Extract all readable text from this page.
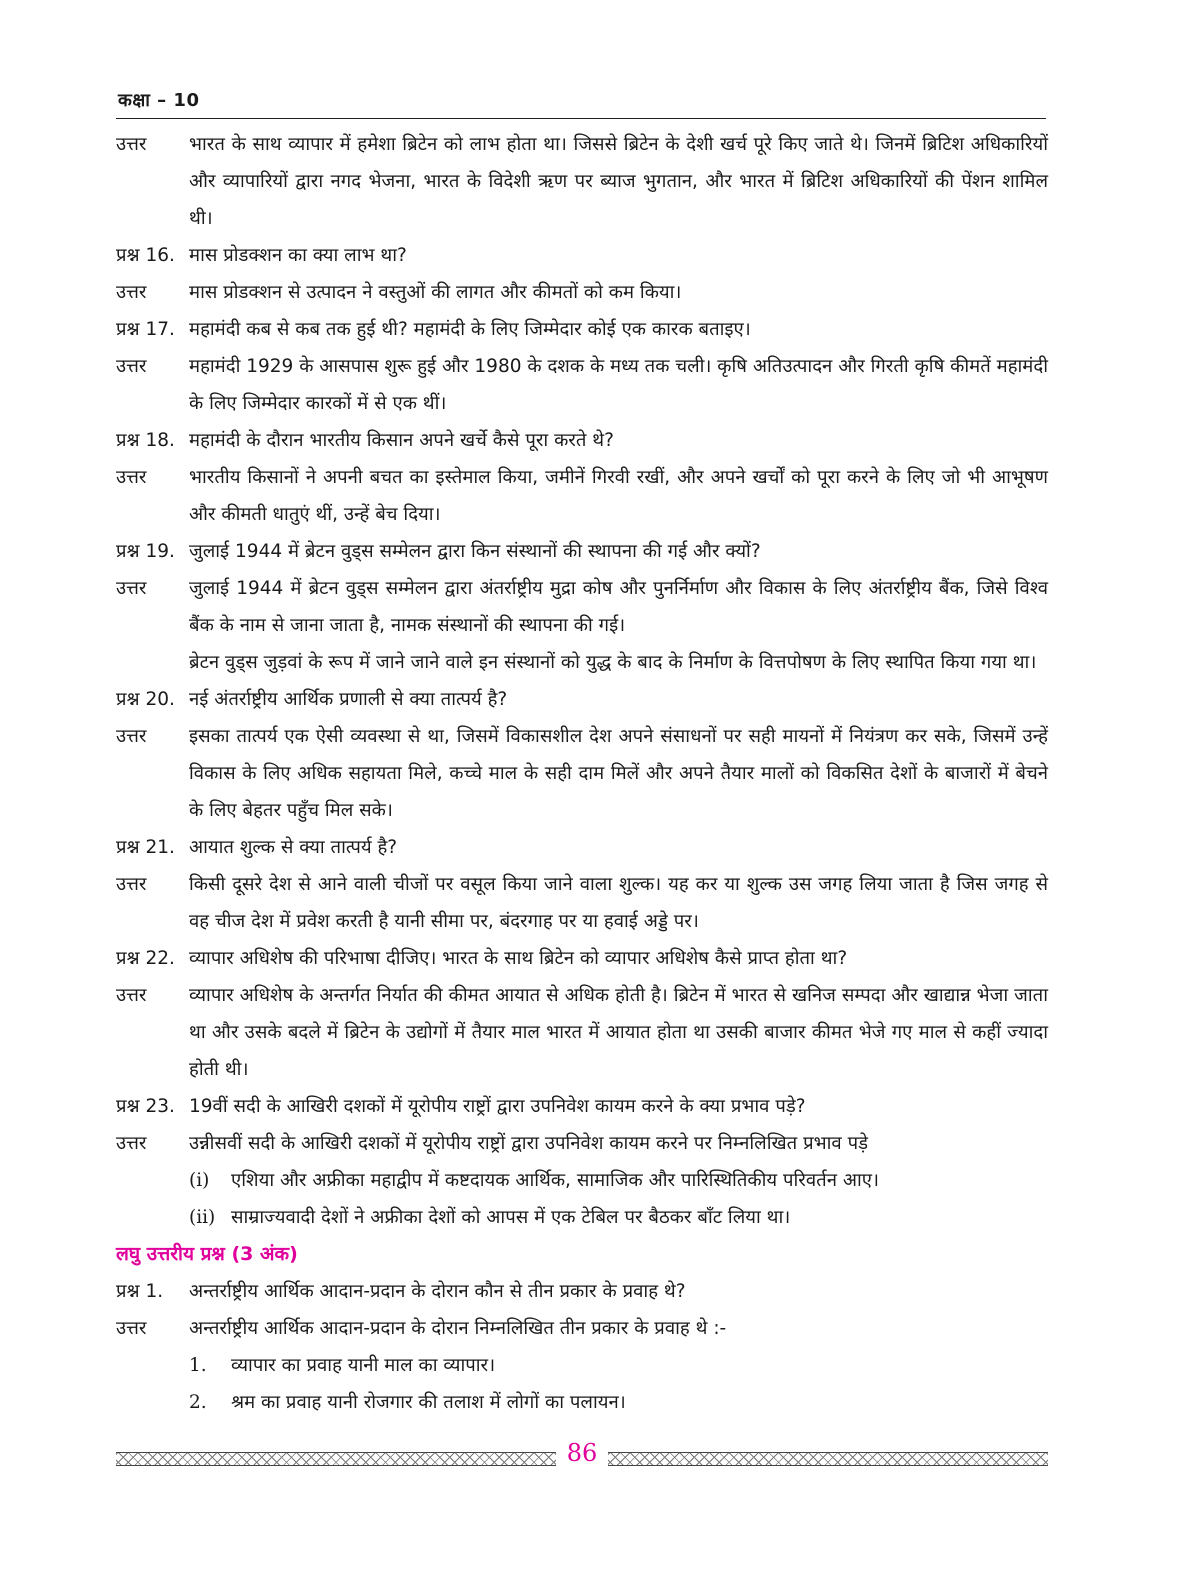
कक्षा – 10
उत्तर	भारत के साथ व्यापार में हमेशा ब्रिटेन को लाभ होता था। जिससे ब्रिटेन के देशी खर्च पूरे किए जाते थे। जिनमें ब्रिटिश अधिकारियों और व्यापारियों द्वारा नगद भेजना, भारत के विदेशी ऋण पर ब्याज भुगतान, और भारत में ब्रिटिश अधिकारियों की पेंशन शामिल थी।
प्रश्न 16. मास प्रोडक्शन का क्या लाभ था?
उत्तर	मास प्रोडक्शन से उत्पादन ने वस्तुओं की लागत और कीमतों को कम किया।
प्रश्न 17. महामंदी कब से कब तक हुई थी? महामंदी के लिए जिम्मेदार कोई एक कारक बताइए।
उत्तर	महामंदी 1929 के आसपास शुरू हुई और 1980 के दशक के मध्य तक चली। कृषि अतिउत्पादन और गिरती कृषि कीमतें महामंदी के लिए जिम्मेदार कारकों में से एक थीं।
प्रश्न 18. महामंदी के दौरान भारतीय किसान अपने खर्चे कैसे पूरा करते थे?
उत्तर	भारतीय किसानों ने अपनी बचत का इस्तेमाल किया, जमीनें गिरवी रखीं, और अपने खर्चों को पूरा करने के लिए जो भी आभूषण और कीमती धातुएं थीं, उन्हें बेच दिया।
प्रश्न 19. जुलाई 1944 में ब्रेटन वुड्स सम्मेलन द्वारा किन संस्थानों की स्थापना की गई और क्यों?
उत्तर	जुलाई 1944 में ब्रेटन वुड्स सम्मेलन द्वारा अंतर्राष्ट्रीय मुद्रा कोष और पुनर्निर्माण और विकास के लिए अंतर्राष्ट्रीय बैंक, जिसे विश्व बैंक के नाम से जाना जाता है, नामक संस्थानों की स्थापना की गई।
ब्रेटन वुड्स जुड़वां के रूप में जाने जाने वाले इन संस्थानों को युद्ध के बाद के निर्माण के वित्तपोषण के लिए स्थापित किया गया था।
प्रश्न 20. नई अंतर्राष्ट्रीय आर्थिक प्रणाली से क्या तात्पर्य है?
उत्तर	इसका तात्पर्य एक ऐसी व्यवस्था से था, जिसमें विकासशील देश अपने संसाधनों पर सही मायनों में नियंत्रण कर सके, जिसमें उन्हें विकास के लिए अधिक सहायता मिले, कच्चे माल के सही दाम मिलें और अपने तैयार मालों को विकसित देशों के बाजारों में बेचने के लिए बेहतर पहुँच मिल सके।
प्रश्न 21. आयात शुल्क से क्या तात्पर्य है?
उत्तर	किसी दूसरे देश से आने वाली चीजों पर वसूल किया जाने वाला शुल्क। यह कर या शुल्क उस जगह लिया जाता है जिस जगह से वह चीज देश में प्रवेश करती है यानी सीमा पर, बंदरगाह पर या हवाई अड्डे पर।
प्रश्न 22. व्यापार अधिशेष की परिभाषा दीजिए। भारत के साथ ब्रिटेन को व्यापार अधिशेष कैसे प्राप्त होता था?
उत्तर	व्यापार अधिशेष के अन्तर्गत निर्यात की कीमत आयात से अधिक होती है। ब्रिटेन में भारत से खनिज सम्पदा और खाद्यान्न भेजा जाता था और उसके बदले में ब्रिटेन के उद्योगों में तैयार माल भारत में आयात होता था उसकी बाजार कीमत भेजे गए माल से कहीं ज्यादा होती थी।
प्रश्न 23. 19वीं सदी के आखिरी दशकों में यूरोपीय राष्ट्रों द्वारा उपनिवेश कायम करने के क्या प्रभाव पड़े?
उत्तर	उन्नीसवीं सदी के आखिरी दशकों में यूरोपीय राष्ट्रों द्वारा उपनिवेश कायम करने पर निम्नलिखित प्रभाव पड़े
(i)	एशिया और अफ्रीका महाद्वीप में कष्टदायक आर्थिक, सामाजिक और पारिस्थितिकीय परिवर्तन आए।
(ii) साम्राज्यवादी देशों ने अफ्रीका देशों को आपस में एक टेबिल पर बैठकर बाँट लिया था।
लघु उत्तरीय प्रश्न (3 अंक)
प्रश्न 1.	अन्तर्राष्ट्रीय आर्थिक आदान-प्रदान के दोरान कौन से तीन प्रकार के प्रवाह थे?
उत्तर	अन्तर्राष्ट्रीय आर्थिक आदान-प्रदान के दोरान निम्नलिखित तीन प्रकार के प्रवाह थे :-
1.	व्यापार का प्रवाह यानी माल का व्यापार।
2.	श्रम का प्रवाह यानी रोजगार की तलाश में लोगों का पलायन।
86
